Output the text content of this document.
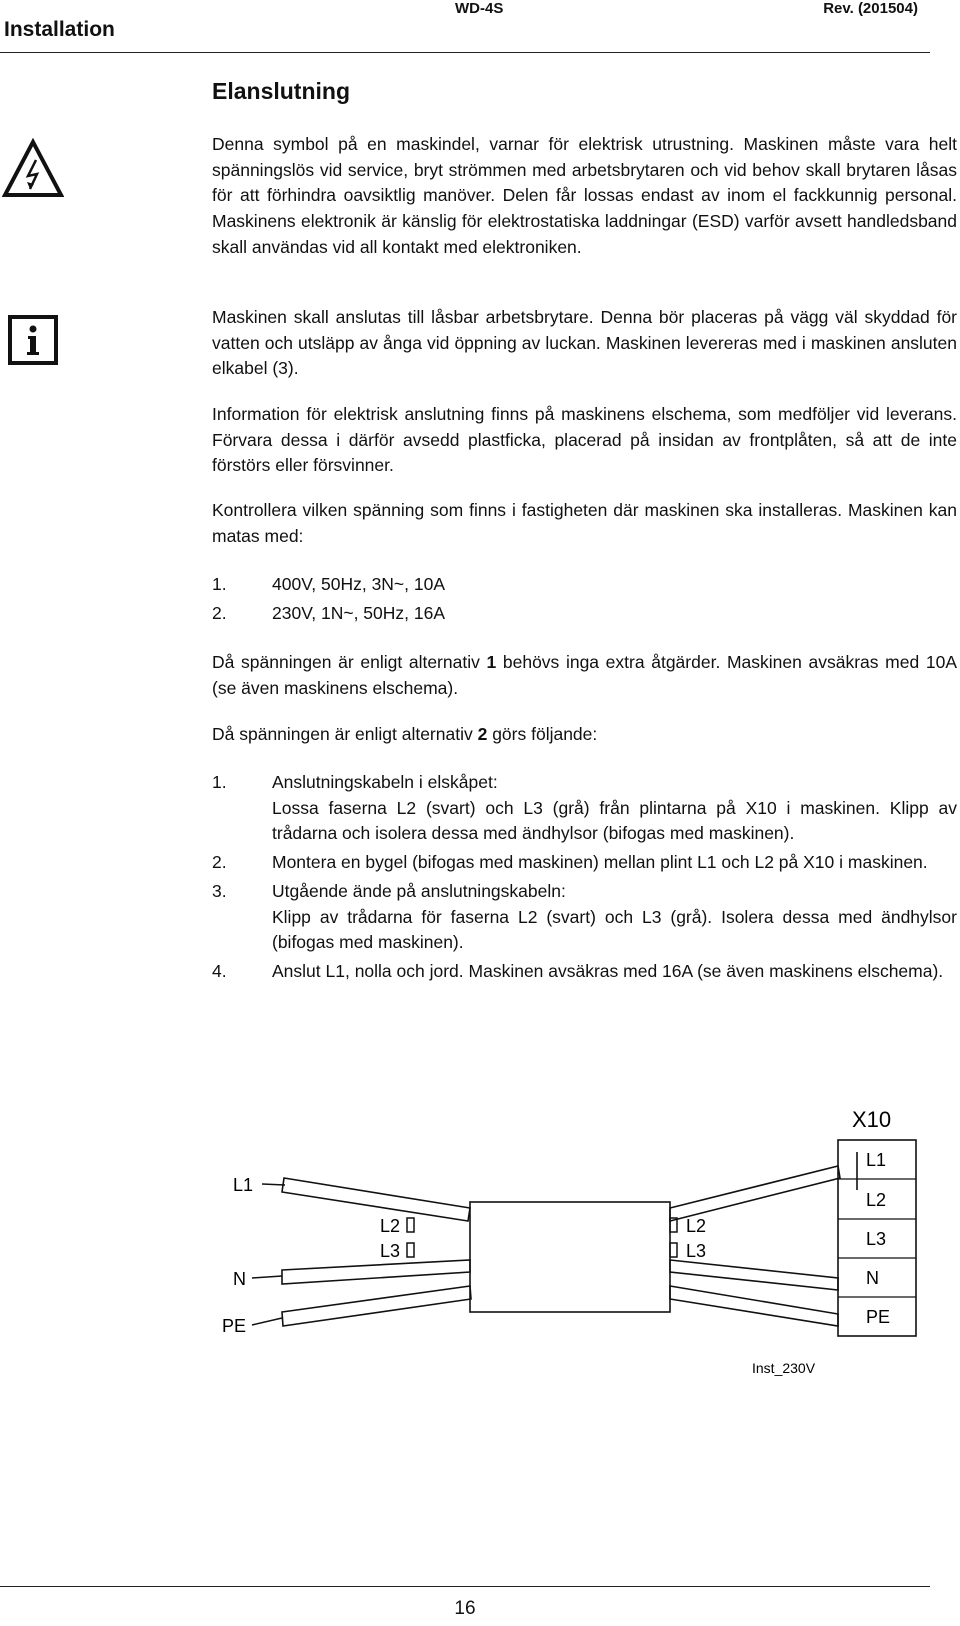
Installation
WD-4S	Rev. (201504)
Elanslutning

Denna symbol på en maskindel, varnar för elektrisk utrustning. Maskinen måste vara helt spänningslös vid service, bryt strömmen med arbetsbrytaren och vid behov skall brytaren låsas för att förhindra oavsiktlig manöver. Delen får lossas endast av inom el fackkunnig personal. Maskinens elektronik är känslig för elektrostatiska laddningar (ESD) varför avsett handledsband skall användas vid all kontakt med elektroniken.

Maskinen skall anslutas till låsbar arbetsbrytare. Denna bör placeras på vägg väl skyddad för vatten och utsläpp av ånga vid öppning av luckan. Maskinen levereras med i maskinen ansluten elkabel (3).

Information för elektrisk anslutning finns på maskinens elschema, som medföljer vid leverans. Förvara dessa i därför avsedd plastficka, placerad på insidan av frontplåten, så att de inte förstörs eller försvinner.

Kontrollera vilken spänning som finns i fastigheten där maskinen ska installeras. Maskinen kan matas med:

1.	400V, 50Hz, 3N~, 10A
2.	230V, 1N~, 50Hz, 16A

Då spänningen är enligt alternativ 1 behövs inga extra åtgärder. Maskinen avsäkras med 10A (se även maskinens elschema).

Då spänningen är enligt alternativ 2 görs följande:

1.	Anslutningskabeln i elskåpet:
Lossa faserna L2 (svart) och L3 (grå) från plintarna på X10 i maskinen. Klipp av trådarna och isolera dessa med ändhylsor (bifogas med maskinen).
2.	Montera en bygel (bifogas med maskinen) mellan plint L1 och L2 på X10 i maskinen.
3.	Utgående ände på anslutningskabeln:
Klipp av trådarna för faserna L2 (svart) och L3 (grå). Isolera dessa med ändhylsor (bifogas med maskinen).
4.	Anslut L1, nolla och jord. Maskinen avsäkras med 16A (se även maskinens elschema).
L1
N
PE
L2
L3
L2
L3
X10
L1
L2
L3
N
PE
Inst_230V
16
